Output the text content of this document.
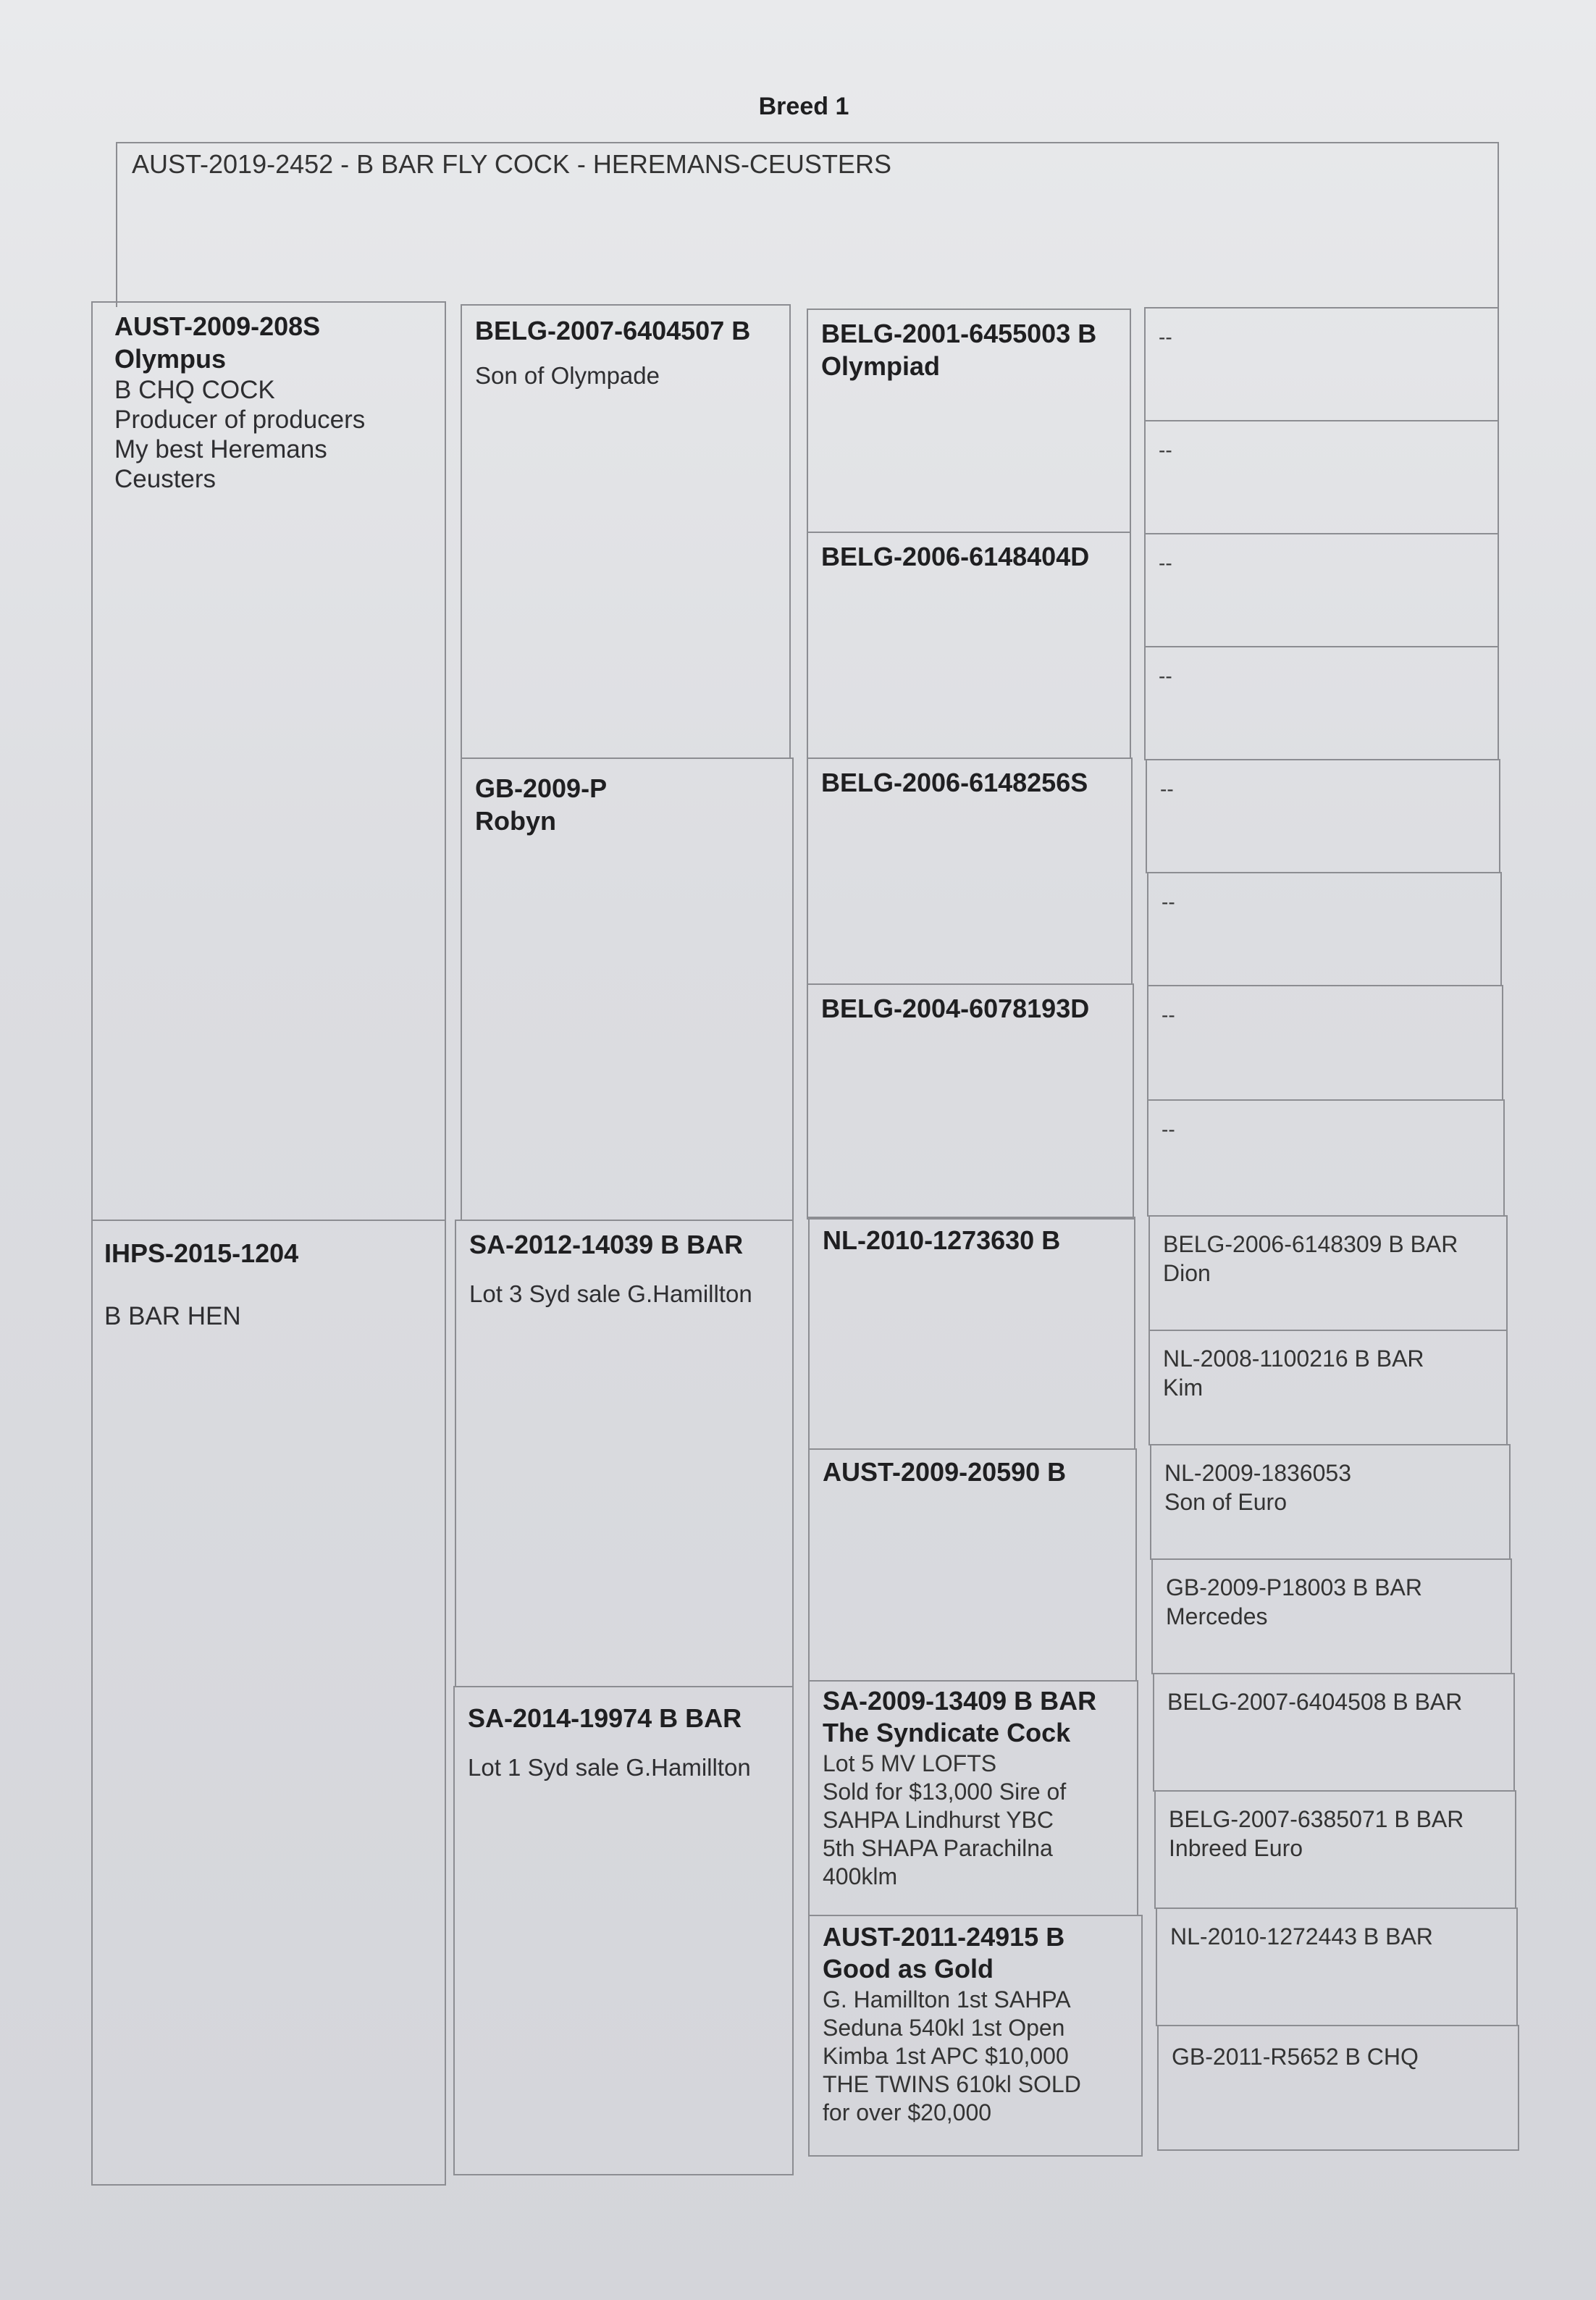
Breed 1
AUST-2019-2452 - B BAR FLY COCK - HEREMANS-CEUSTERS
AUST-2009-208S
Olympus
B CHQ COCK
Producer of producers
My best Heremans
Ceusters
IHPS-2015-1204
B BAR HEN
BELG-2007-6404507 B
Son of Olympade
GB-2009-P
Robyn
SA-2012-14039 B BAR
Lot 3 Syd sale G.Hamillton
SA-2014-19974 B BAR
Lot 1 Syd sale G.Hamillton
BELG-2001-6455003 B
Olympiad
BELG-2006-6148404D
BELG-2006-6148256S
BELG-2004-6078193D
NL-2010-1273630 B
AUST-2009-20590 B
SA-2009-13409 B BAR
The Syndicate Cock
Lot 5 MV LOFTS
Sold for $13,000 Sire of
SAHPA Lindhurst YBC
5th SHAPA Parachilna
400klm
AUST-2011-24915 B
Good as Gold
G. Hamillton 1st SAHPA
Seduna 540kl 1st Open
Kimba 1st APC $10,000
THE TWINS 610kl SOLD
for over $20,000
--
--
--
--
--
--
--
--
BELG-2006-6148309 B BAR
Dion
NL-2008-1100216 B BAR
Kim
NL-2009-1836053
Son of Euro
GB-2009-P18003 B BAR
Mercedes
BELG-2007-6404508 B BAR
BELG-2007-6385071 B BAR
Inbreed Euro
NL-2010-1272443 B BAR
GB-2011-R5652 B CHQ
